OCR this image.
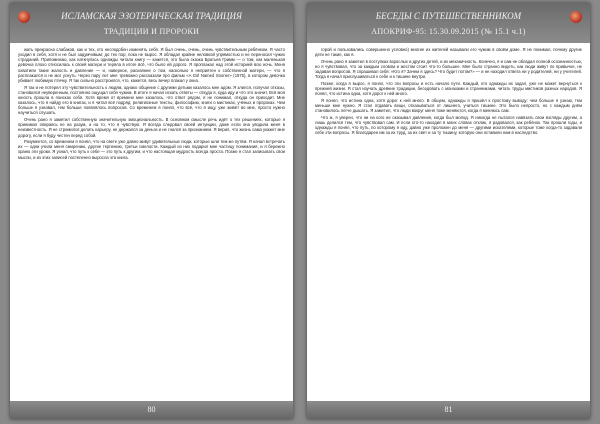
ИСЛАМСКАЯ ЭЗОТЕРИЧЕСКАЯ ТРАДИЦИЯ
ТРАДИЦИИ И ПРОРОКИ

жать прекрасна слабаков, как и тех, кто несподобен изменять себя. Я был очень, очень, очень чувствительным ребёнком. Я часто уходил в себя, хотя и не был задумчивым; до тех пор, пока не вырос. Я обладал крайне неловкой упрямостью и не переносил чужих страданий. Припоминаю, как наткнулась однажды читала книгу — кажется, это была сказка Братьев Гримм — о том, как маленькая девочка плохо относилась к своей матери и теряла в итоге всё, что было ей дорого. Я проплакал над этой историей всю ночь. Меня охватили такие жалость и давление — и, наверное, раскаяние о том, насколько я неприятен к собственной матери, — что я расплакался и не мог уснуть. Через пару лет мне тревожно рассказали про фильм «A Girl Named Sooner» (1975), в котором девочка убивает любимую птичку. Я так сильно расстроился, что, кажется, весь вечер плакал у окна.

Я так и не потерял эту чувствительность к людям, однако общение с другими детьми казалось мне адом. Я злился, получал отказы, становился неуверенным, постоянно ощущал себя чужим. В итоге я начал искать ответы — откуда я, куда иду и что это значит. Вся моя юность прошла в поисках себя. Хотя время от времени мне казалось, что ответ рядом, я не понимал, откуда он приходит. Мне казалось, что я найду его в книгах, и я читал всё подряд: религиозные тексты, философию, книги о мистиках, учёных и пророках. Чем больше я узнавал, тем больше появлялось вопросов. Со временем я понял, что всё, что я ищу, уже живёт во мне, просто нужно научиться слушать.

Очень рано я заметил собственную значительную эмоциональность. В основном смысле речь идёт о тех решениях, которые я принимал опираясь не на разум, а на то, что я чувствую. Я всегда следовал своей интуиции, даже если она уводила меня в неизвестность. Я не стремился делать карьеру, не держался за деньги и не гнался за признанием. Я верил, что жизнь сама укажет мне дорогу, если я буду честен перед собой.

Разумеется, со временем я понял, что на свете уже давно живут удивительные люди, которые шли тем же путём. Я начал встречать их — одни учили меня смирению, другие терпению, третьи смелости. Каждый из них подарил мне частицу понимания, и я бережно храню эти уроки. Я узнал, что путь к себе — это путь к другим, и что настоящая мудрость всегда проста. Позже я стал записывать свои мысли, и из этих записей постепенно выросла эта книга.

80
БЕСЕДЫ С ПУТЕШЕСТВЕННИКОМ
АПОКРИФ-95: 15.30.09.2015 (№ 15.1 ч.1)

горой и пользовались совершенно условно) многие из жителей называли его чужим в своём доме. Я не понимал, почему другие дети не такие, как я.

Очень рано я заметил в поступках взрослых и других детей, и их механичность. Конечно, я и сам не обладал полной осознанностью, но я чувствовал, что за каждым словом и жестом стоит что-то большее. Мне было странно видеть, как люди живут по привычке, не задавая вопросов. Я спрашивал себя: «Кто я? Зачем я здесь? Что будет потом?» — и не находил ответа ни у родителей, ни у учителей. Тогда я начал прислушиваться к себе и к тишине внутри.

Позже, когда я вырос, я понял, что эти вопросы и есть начало пути. Каждый, кто однажды их задал, уже не может вернуться к прежней жизни. Я стал изучать древние традиции, беседовать с монахами и странниками, читать труды мистиков разных народов. Я понял, что истина одна, хотя дорог к ней много.

Я понял, что истина одна, хотя дорог к ней много. В общем, однажды я пришёл к простому выводу: чем больше я узнаю, тем меньше мне нужно. Я стал отдавать вещи, отказываться от лишнего, учиться тишине. Это было непросто, но с каждым днём становилось легче дышать. Я заметил, что люди вокруг меня тоже меняются, когда я меняюсь сам.

Что ж, я уверен, что ни на кого не оказывал давления, когда был молод. Я никогда не пытался навязать свои взгляды другим, а лишь делился тем, что чувствовал сам. И если кто-то находил в моих словах отклик, я радовался, как ребёнок. Так прошли годы, и однажды я понял, что путь, по которому я иду, давно уже проложен до меня — другими искателями, которые тоже когда-то задавали себе эти вопросы. Я благодарен им за их труд, за их свет и за ту тишину, которую они оставили нам в наследство.

81
